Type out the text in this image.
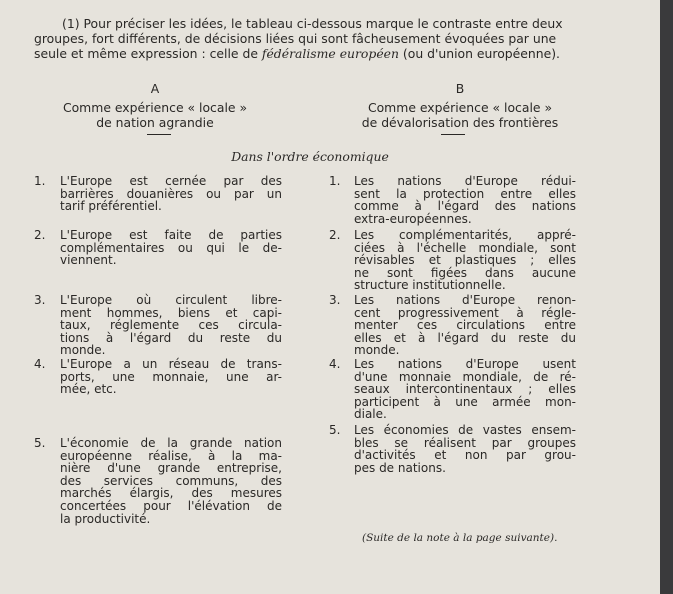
(1) Pour préciser les idées, le tableau ci-dessous marque le contraste entre deux
groupes, fort différents, de décisions liées qui sont fâcheusement évoquées par une
seule et même expression : celle de fédéralisme européen (ou d'union européenne).
A
Comme expérience « locale »
de nation agrandie
B
Comme expérience « locale »
de dévalorisation des frontières
Dans l'ordre économique
(Suite de la note à la page suivante).
1. L'Europe est cernée par des
barrières douanières ou par un
tarif préférentiel.
2. L'Europe est faite de parties
complémentaires ou qui le de-
viennent.
3. L'Europe où circulent libre-
ment hommes, biens et capi-
taux, réglemente ces circula-
tions à l'égard du reste du
monde.
4. L'Europe a un réseau de trans-
ports, une monnaie, une ar-
mée, etc.
5. L'économie de la grande nation
européenne réalise, à la ma-
nière d'une grande entreprise,
des services communs, des
marchés élargis, des mesures
concertées pour l'élévation de
la productivité.
1. Les nations d'Europe rédui-
sent la protection entre elles
comme à l'égard des nations
extra-européennes.
2. Les complémentarités, appré-
ciées à l'échelle mondiale, sont
révisables et plastiques ; elles
ne sont figées dans aucune
structure institutionnelle.
3. Les nations d'Europe renon-
cent progressivement à régle-
menter ces circulations entre
elles et à l'égard du reste du
monde.
4. Les nations d'Europe usent
d'une monnaie mondiale, de ré-
seaux intercontinentaux ; elles
participent à une armée mon-
diale.
5. Les économies de vastes ensem-
bles se réalisent par groupes
d'activités et non par grou-
pes de nations.
